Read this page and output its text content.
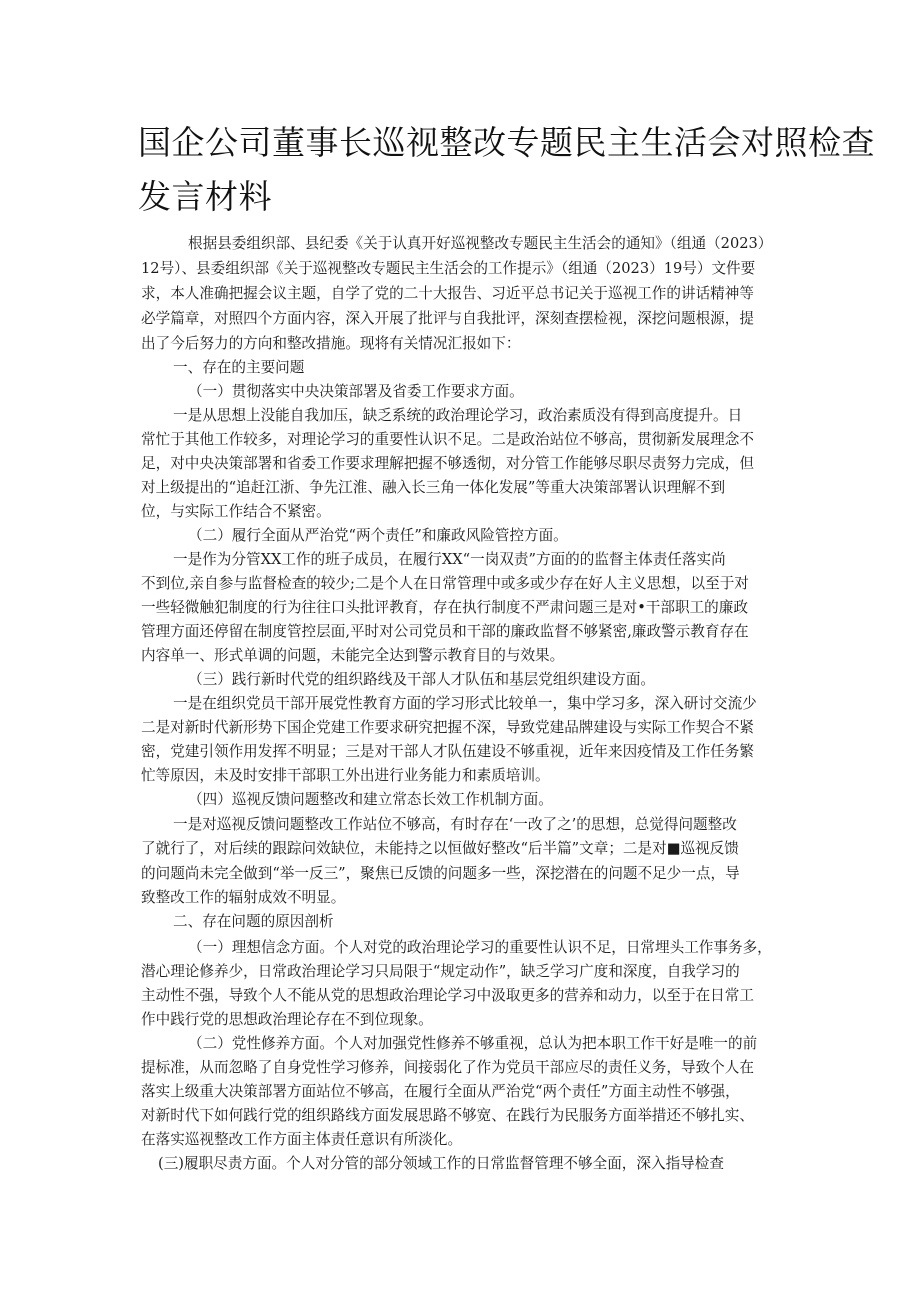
国企公司董事长巡视整改专题民主生活会对照检查
发言材料
根据县委组织部、县纪委《关于认真开好巡视整改专题民主生活会的通知》（组通（2023）
12号）、县委组织部《关于巡视整改专题民主生活会的工作提示》（组通（2023）19号）文件要
求，本人准确把握会议主题，自学了党的二十大报告、习近平总书记关于巡视工作的讲话精神等
必学篇章，对照四个方面内容，深入开展了批评与自我批评，深刻查摆检视，深挖问题根源，提
出了今后努力的方向和整改措施。现将有关情况汇报如下：
一、存在的主要问题
（一）贯彻落实中央决策部署及省委工作要求方面。
一是从思想上没能自我加压，缺乏系统的政治理论学习，政治素质没有得到高度提升。日
常忙于其他工作较多，对理论学习的重要性认识不足。二是政治站位不够高，贯彻新发展理念不
足，对中央决策部署和省委工作要求理解把握不够透彻，对分管工作能够尽职尽责努力完成，但
对上级提出的“追赶江浙、争先江淮、融入长三角一体化发展”等重大决策部署认识理解不到
位，与实际工作结合不紧密。
（二）履行全面从严治党“两个责任”和廉政风险管控方面。
一是作为分管XX工作的班子成员，在履行XX“一岗双责”方面的的监督主体责任落实尚
不到位,亲自参与监督检查的较少;二是个人在日常管理中或多或少存在好人主义思想，以至于对
一些轻微触犯制度的行为往往口头批评教育，存在执行制度不严肃问题三是对•干部职工的廉政
管理方面还停留在制度管控层面,平时对公司党员和干部的廉政监督不够紧密,廉政警示教育存在
内容单一、形式单调的问题，未能完全达到警示教育目的与效果。
（三）践行新时代党的组织路线及干部人才队伍和基层党组织建设方面。
一是在组织党员干部开展党性教育方面的学习形式比较单一，集中学习多，深入研讨交流少
二是对新时代新形势下国企党建工作要求研究把握不深，导致党建品牌建设与实际工作契合不紧
密，党建引领作用发挥不明显；三是对干部人才队伍建设不够重视，近年来因疫情及工作任务繁
忙等原因，未及时安排干部职工外出进行业务能力和素质培训。
（四）巡视反馈问题整改和建立常态长效工作机制方面。
一是对巡视反馈问题整改工作站位不够高，有时存在‘一改了之’的思想，总觉得问题整改
了就行了，对后续的跟踪问效缺位，未能持之以恒做好整改“后半篇”文章；二是对■巡视反馈
的问题尚未完全做到“举一反三”，聚焦已反馈的问题多一些，深挖潜在的问题不足少一点，导
致整改工作的辐射成效不明显。
二、存在问题的原因剖析
（一）理想信念方面。个人对党的政治理论学习的重要性认识不足，日常埋头工作事务多，
潜心理论修养少，日常政治理论学习只局限于“规定动作”，缺乏学习广度和深度，自我学习的
主动性不强，导致个人不能从党的思想政治理论学习中汲取更多的营养和动力，以至于在日常工
作中践行党的思想政治理论存在不到位现象。
（二）党性修养方面。个人对加强党性修养不够重视，总认为把本职工作干好是唯一的前
提标准，从而忽略了自身党性学习修养，间接弱化了作为党员干部应尽的责任义务，导致个人在
落实上级重大决策部署方面站位不够高，在履行全面从严治党“两个责任”方面主动性不够强，
对新时代下如何践行党的组织路线方面发展思路不够宽、在践行为民服务方面举措还不够扎实、
在落实巡视整改工作方面主体责任意识有所淡化。
(三)履职尽责方面。个人对分管的部分领域工作的日常监督管理不够全面，深入指导检查
